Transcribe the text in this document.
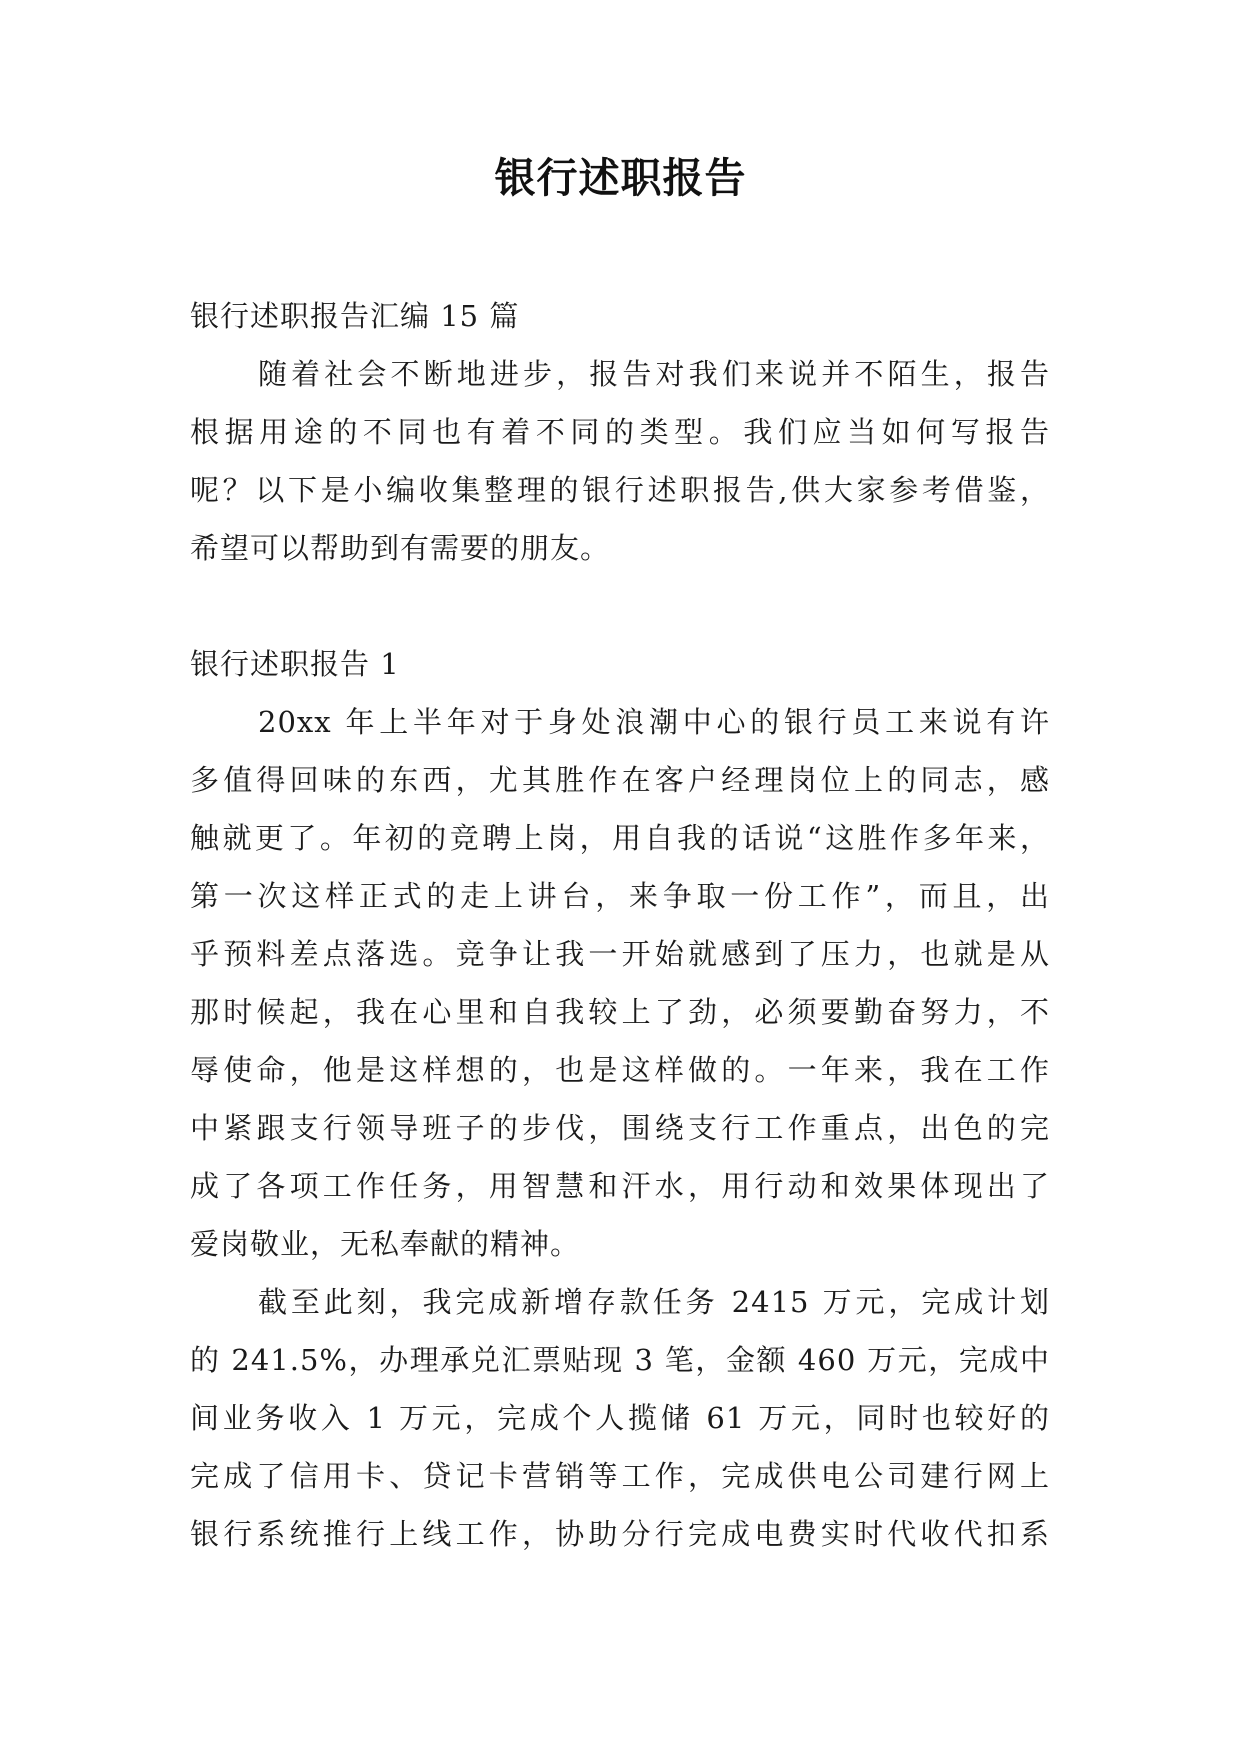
银行述职报告
银行述职报告汇编 15 篇
随着社会不断地进步，报告对我们来说并不陌生，报告
根据用途的不同也有着不同的类型。我们应当如何写报告
呢？以下是小编收集整理的银行述职报告,供大家参考借鉴，
希望可以帮助到有需要的朋友。
银行述职报告 1
20xx 年上半年对于身处浪潮中心的银行员工来说有许
多值得回味的东西，尤其胜作在客户经理岗位上的同志，感
触就更了。年初的竞聘上岗，用自我的话说“这胜作多年来，
第一次这样正式的走上讲台，来争取一份工作”，而且，出
乎预料差点落选。竞争让我一开始就感到了压力，也就是从
那时候起，我在心里和自我较上了劲，必须要勤奋努力，不
辱使命，他是这样想的，也是这样做的。一年来，我在工作
中紧跟支行领导班子的步伐，围绕支行工作重点，出色的完
成了各项工作任务，用智慧和汗水，用行动和效果体现出了
爱岗敬业，无私奉献的精神。
截至此刻，我完成新增存款任务 2415 万元，完成计划
的 241.5%，办理承兑汇票贴现 3 笔，金额 460 万元，完成中
间业务收入 1 万元，完成个人揽储 61 万元，同时也较好的
完成了信用卡、贷记卡营销等工作，完成供电公司建行网上
银行系统推行上线工作，协助分行完成电费实时代收代扣系
